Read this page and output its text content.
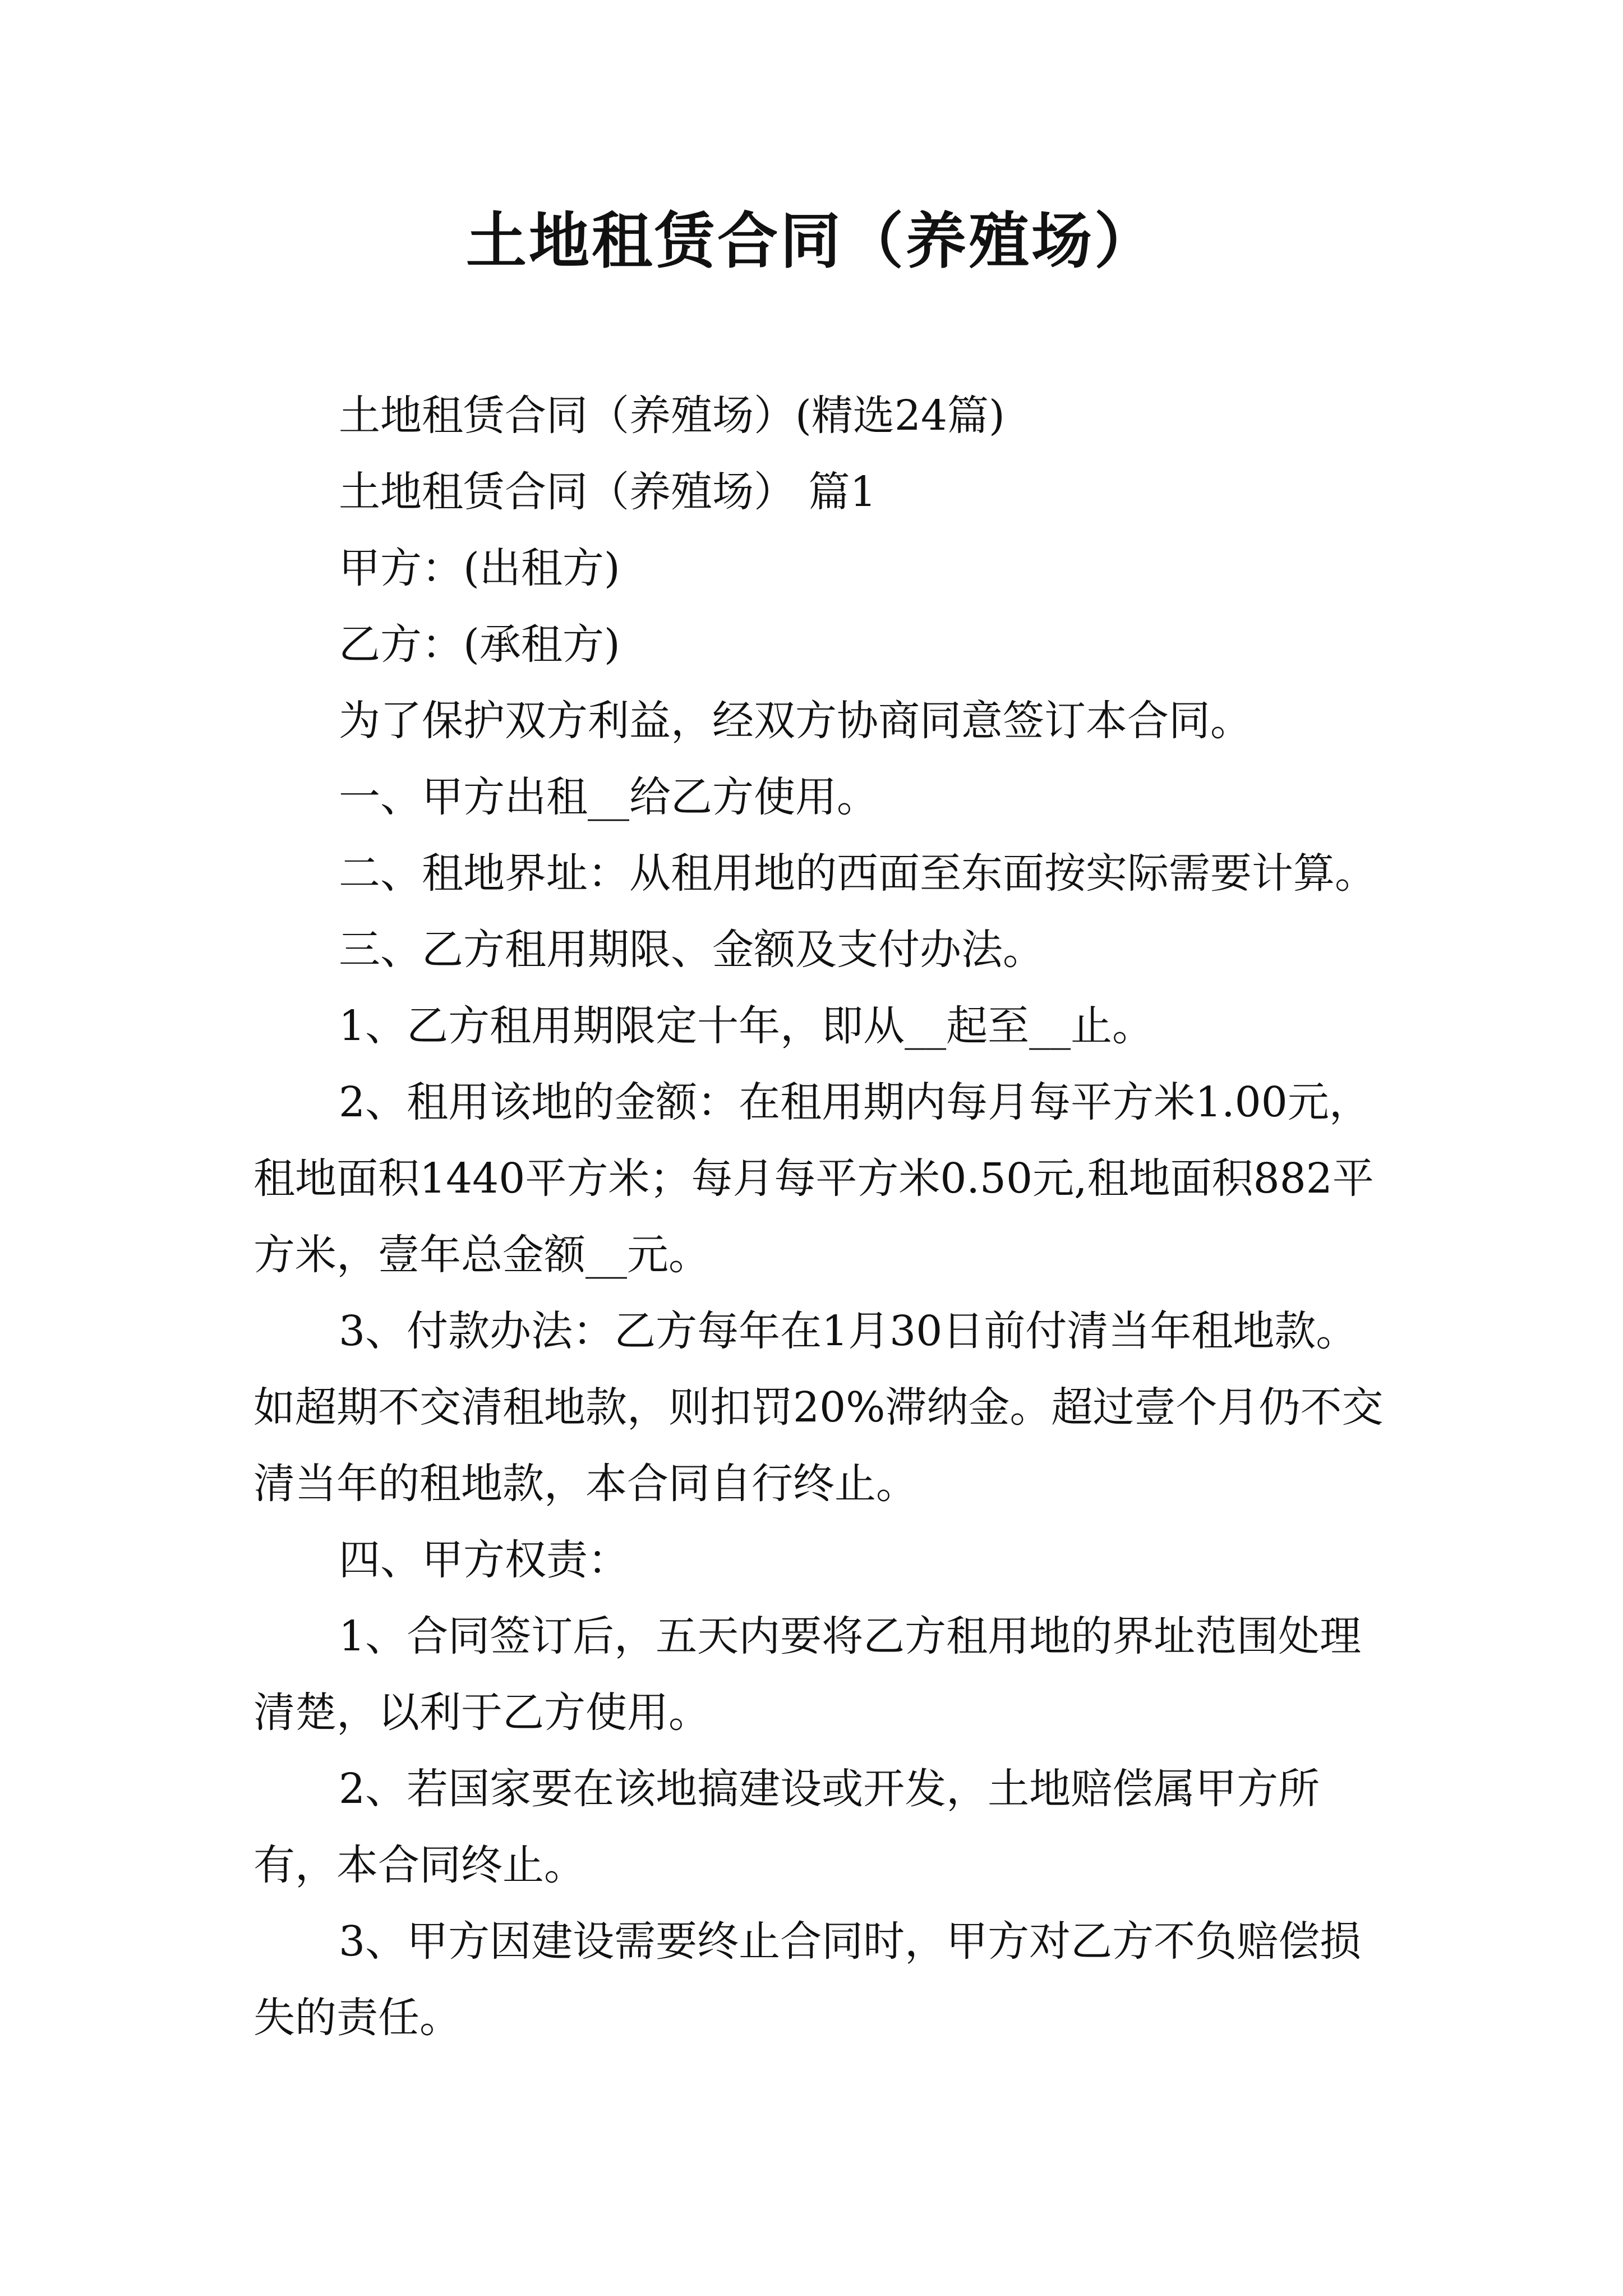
土地租赁合同（养殖场）

土地租赁合同（养殖场）(精选24篇)

土地租赁合同（养殖场） 篇1

甲方：(出租方)

乙方：(承租方)

为了保护双方利益，经双方协商同意签订本合同。

一、甲方出租__给乙方使用。

二、租地界址：从租用地的西面至东面按实际需要计算。

三、乙方租用期限、金额及支付办法。

1、乙方租用期限定十年，即从__起至__止。

2、租用该地的金额：在租用期内每月每平方米1.00元，租地面积1440平方米；每月每平方米0.50元,租地面积882平方米，壹年总金额__元。

3、付款办法：乙方每年在1月30日前付清当年租地款。如超期不交清租地款，则扣罚20%滞纳金。超过壹个月仍不交清当年的租地款，本合同自行终止。

四、甲方权责：

1、合同签订后，五天内要将乙方租用地的界址范围处理清楚，以利于乙方使用。

2、若国家要在该地搞建设或开发，土地赔偿属甲方所有，本合同终止。

3、甲方因建设需要终止合同时，甲方对乙方不负赔偿损失的责任。
